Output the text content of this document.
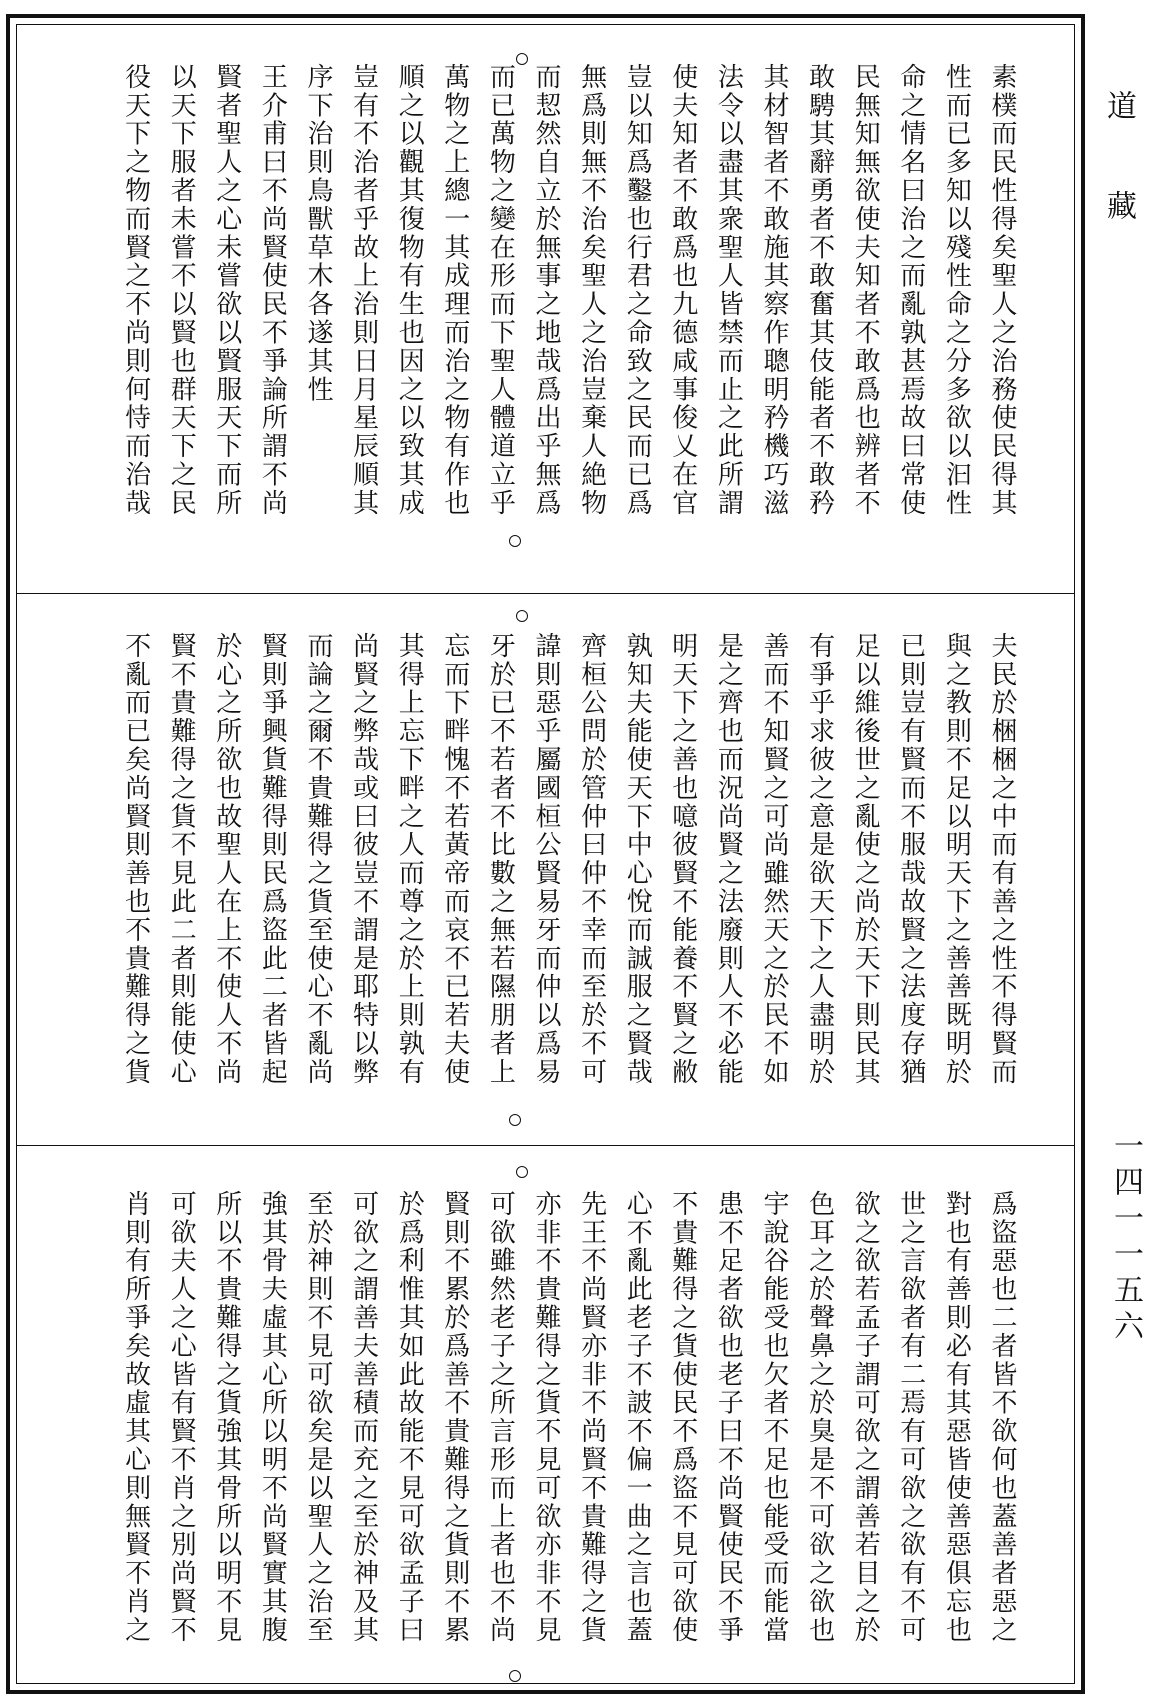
道藏
素樸而民性得矣聖人之治務使民得其
性而已多知以殘性命之分多欲以汩性
命之情名曰治之而亂孰甚焉故曰常使
民無知無欲使夫知者不敢爲也辨者不
敢騁其辭勇者不敢奮其伎能者不敢矜
其材智者不敢施其察作聰明矜機巧滋
法令以盡其衆聖人皆禁而止之此所謂
使夫知者不敢爲也九德咸事俊乂在官
豈以知爲鑿也行君之命致之民而已爲
無爲則無不治矣聖人之治豈棄人絶物
而恝然自立於無事之地哉爲出乎無爲
而已萬物之變在形而下聖人體道立乎
萬物之上總一其成理而治之物有作也
順之以觀其復物有生也因之以致其成
豈有不治者乎故上治則日月星辰順其
序下治則鳥獸草木各遂其性
王介甫曰不尚賢使民不爭論所謂不尚
賢者聖人之心未嘗欲以賢服天下而所
以天下服者未嘗不以賢也群天下之民
役天下之物而賢之不尚則何恃而治哉
夫民於梱梱之中而有善之性不得賢而
與之教則不足以明天下之善善既明於
已則豈有賢而不服哉故賢之法度存猶
足以維後世之亂使之尚於天下則民其
有爭乎求彼之意是欲天下之人盡明於
善而不知賢之可尚雖然天之於民不如
是之齊也而況尚賢之法廢則人不必能
明天下之善也噫彼賢不能養不賢之敝
孰知夫能使天下中心悅而誠服之賢哉
齊桓公問於管仲曰仲不幸而至於不可
諱則惡乎屬國桓公賢易牙而仲以爲易
牙於已不若者不比數之無若隰朋者上
忘而下畔愧不若黃帝而哀不已若夫使
其得上忘下畔之人而尊之於上則孰有
尚賢之弊哉或曰彼豈不謂是耶特以弊
而論之爾不貴難得之貨至使心不亂尚
賢則爭興貨難得則民爲盜此二者皆起
於心之所欲也故聖人在上不使人不尚
賢不貴難得之貨不見此二者則能使心
不亂而已矣尚賢則善也不貴難得之貨
爲盜惡也二者皆不欲何也蓋善者惡之
對也有善則必有其惡皆使善惡俱忘也
世之言欲者有二焉有可欲之欲有不可
欲之欲若孟子謂可欲之謂善若目之於
色耳之於聲鼻之於臭是不可欲之欲也
宇說谷能受也欠者不足也能受而能當
患不足者欲也老子曰不尚賢使民不爭
不貴難得之貨使民不爲盜不見可欲使
心不亂此老子不詖不偏一曲之言也蓋
先王不尚賢亦非不尚賢不貴難得之貨
亦非不貴難得之貨不見可欲亦非不見
可欲雖然老子之所言形而上者也不尚
賢則不累於爲善不貴難得之貨則不累
於爲利惟其如此故能不見可欲孟子曰
可欲之謂善夫善積而充之至於神及其
至於神則不見可欲矣是以聖人之治至
強其骨夫虛其心所以明不尚賢實其腹
所以不貴難得之貨強其骨所以明不見
可欲夫人之心皆有賢不肖之別尚賢不
肖則有所爭矣故虛其心則無賢不肖之	一四一一五六
